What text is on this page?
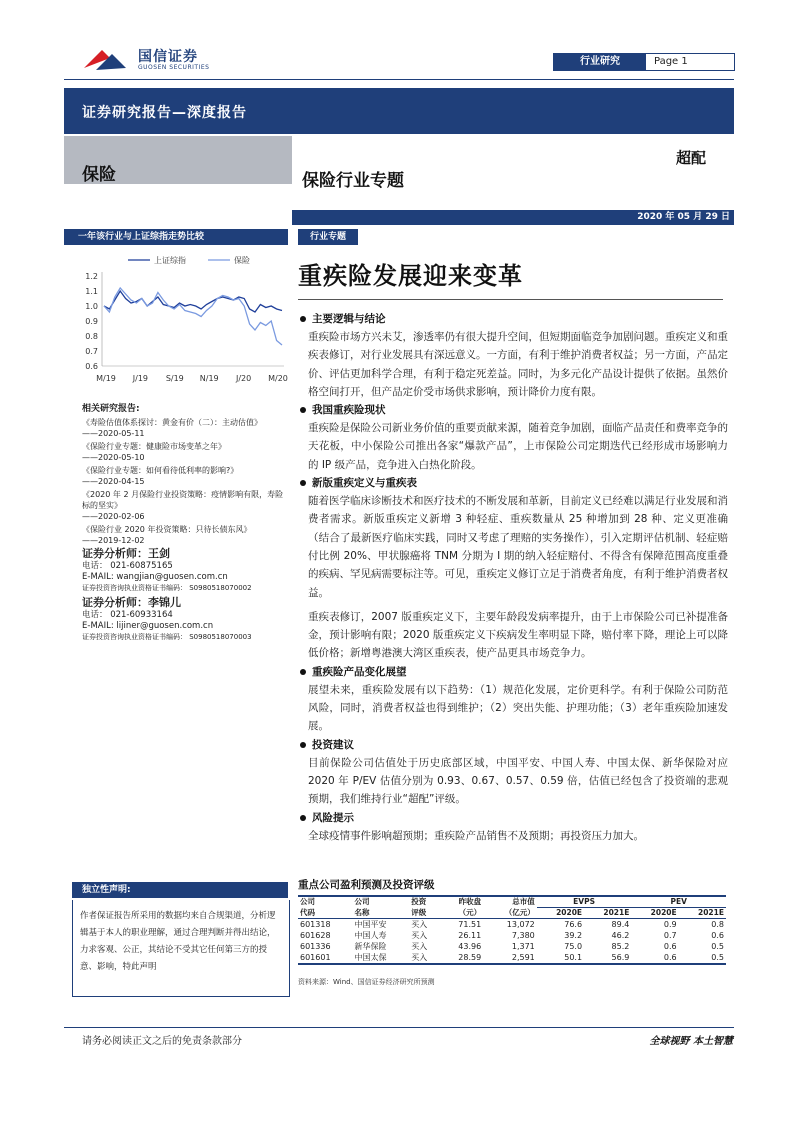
国信证券
GUOSEN SECURITIES
行业研究	Page 1
证券研究报告—深度报告
保险	保险行业专题
超配
2020 年 05 月 29 日
一年该行业与上证综指走势比较
上证综指	保险
1.2
1.1
1.0
0.9
0.8
0.7
0.6
M/19 J/19 S/19 N/19 J/20 M/20
相关研究报告:

《寿险估值体系探讨：黄金有价（二）：主动估值》

——2020-05-11

《保险行业专题：健康险市场变革之年》

——2020-05-10

《保险行业专题：如何看待低利率的影响?》

——2020-04-15

《2020 年 2 月保险行业投资策略：疫情影响有限，寿险标的坚实》

——2020-02-06

《保险行业 2020 年投资策略：只待长债东风》

——2019-12-02

证券分析师：王剑
电话： 021-60875165
E-MAIL: wangjian@guosen.com.cn
证券投资咨询执业资格证书编码： S0980518070002
证券分析师：李锦儿
电话： 021-60933164
E-MAIL: lijiner@guosen.com.cn
证券投资咨询执业资格证书编码： S0980518070003
独立性声明:
作者保证报告所采用的数据均来自合规渠道，分析逻辑基于本人的职业理解，通过合理判断并得出结论，力求客观、公正，其结论不受其它任何第三方的授意、影响，特此声明
行业专题
重疾险发展迎来变革
主要逻辑与结论

重疾险市场方兴未艾，渗透率仍有很大提升空间，但短期面临竞争加剧问题。重疾定义和重疾表修订，对行业发展具有深远意义。一方面，有利于维护消费者权益；另一方面，产品定价、评估更加科学合理，有利于稳定死差益。同时，为多元化产品设计提供了依据。虽然价格空间打开，但产品定价受市场供求影响，预计降价力度有限。

我国重疾险现状

重疾险是保险公司新业务价值的重要贡献来源，随着竞争加剧，面临产品责任和费率竞争的天花板，中小保险公司推出各家“爆款产品”，上市保险公司定期迭代已经形成市场影响力的 IP 级产品，竞争进入白热化阶段。

新版重疾定义与重疾表

随着医学临床诊断技术和医疗技术的不断发展和革新，目前定义已经难以满足行业发展和消费者需求。新版重疾定义新增 3 种轻症、重疾数量从 25 种增加到 28 种、定义更准确（结合了最新医疗临床实践，同时又考虑了理赔的实务操作），引入定期评估机制、轻症赔付比例 20%、甲状腺癌将 TNM 分期为 I 期的纳入轻症赔付、不得含有保障范围高度重叠的疾病、罕见病需要标注等。可见，重疾定义修订立足于消费者角度，有利于维护消费者权益。

重疾表修订，2007 版重疾定义下，主要年龄段发病率提升，由于上市保险公司已补提准备金，预计影响有限；2020 版重疾定义下疾病发生率明显下降，赔付率下降，理论上可以降低价格；新增粤港澳大湾区重疾表，使产品更具市场竞争力。

重疾险产品变化展望

展望未来，重疾险发展有以下趋势：（1）规范化发展，定价更科学。有利于保险公司防范风险，同时，消费者权益也得到维护；（2）突出失能、护理功能；（3）老年重疾险加速发展。

投资建议

目前保险公司估值处于历史底部区域，中国平安、中国人寿、中国太保、新华保险对应 2020 年 P/EV 估值分别为 0.93、0.67、0.57、0.59 倍，估值已经包含了投资端的悲观预期，我们维持行业“超配”评级。

风险提示

全球疫情事件影响超预期；重疾险产品销售不及预期；再投资压力加大。

重点公司盈利预测及投资评级
公司	公司	投资	昨收盘	总市值	EVPS		PEV	
代码	名称	评级	（元）	（亿元）	2020E	2021E	2020E	2021E
601318	中国平安	买入	71.51	13,072	76.6	89.4	0.9	0.8
601628	中国人寿	买入	26.11	7,380	39.2	46.2	0.7	0.6
601336	新华保险	买入	43.96	1,371	75.0	85.2	0.6	0.5
601601	中国太保	买入	28.59	2,591	50.1	56.9	0.6	0.5
资料来源：Wind、国信证券经济研究所预测
请务必阅读正文之后的免责条款部分	全球视野 本土智慧
